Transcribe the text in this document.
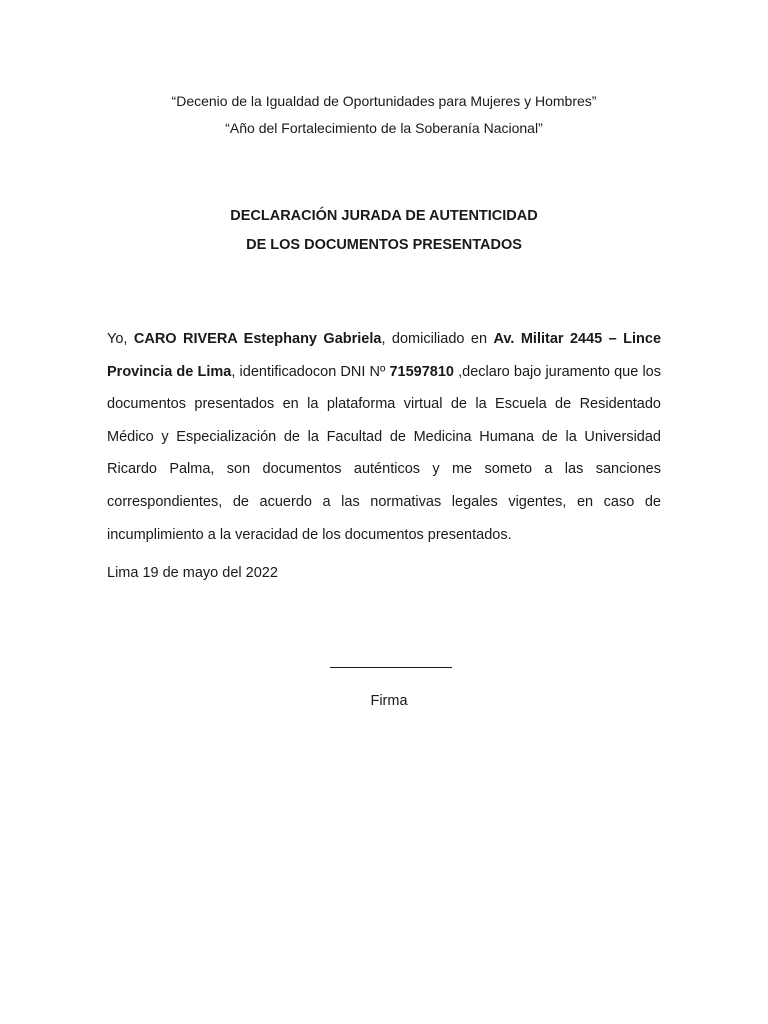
“Decenio de la Igualdad de Oportunidades para Mujeres y Hombres”
“Año del Fortalecimiento de la Soberanía Nacional”
DECLARACIÓN JURADA DE AUTENTICIDAD
DE LOS DOCUMENTOS PRESENTADOS

Yo, CARO RIVERA Estephany Gabriela, domiciliado en Av. Militar 2445 – Lince Provincia de Lima, identificadocon DNI Nº 71597810 ,declaro bajo juramento que los documentos presentados en la plataforma virtual de la Escuela de Residentado Médico y Especialización de la Facultad de Medicina Humana de la Universidad Ricardo Palma, son documentos auténticos y me someto a las sanciones correspondientes, de acuerdo a las normativas legales vigentes, en caso de incumplimiento a la veracidad de los documentos presentados.

Lima 19 de mayo del 2022
Firma
